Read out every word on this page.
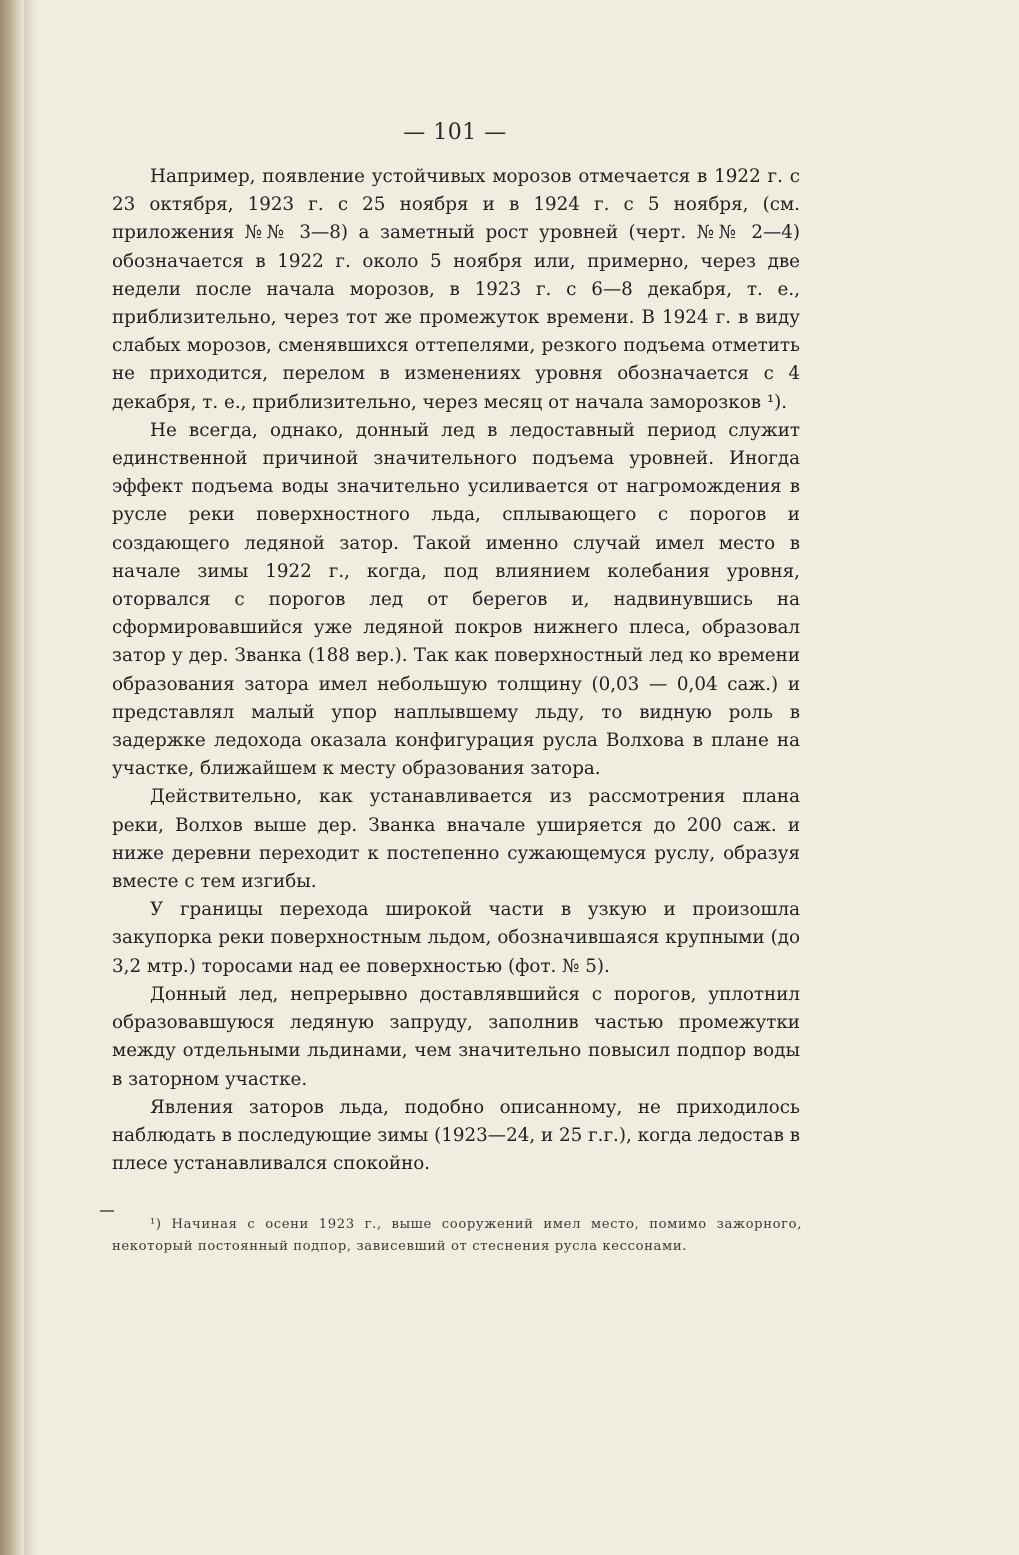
— 101 —

Например, появление устойчивых морозов отмечается в 1922 г. с 23 октября, 1923 г. с 25 ноября и в 1924 г. с 5 ноября, (см. приложения №№ 3—8) а заметный рост уровней (черт. №№ 2—4) обозначается в 1922 г. около 5 ноября или, примерно, через две недели после начала морозов, в 1923 г. с 6—8 декабря, т. е., приблизительно, через тот же промежуток времени. В 1924 г. в виду слабых морозов, сменявшихся оттепелями, резкого подъема отметить не приходится, перелом в изменениях уровня обозначается с 4 декабря, т. е., приблизительно, через месяц от начала заморозков ¹).

Не всегда, однако, донный лед в ледоставный период служит единственной причиной значительного подъема уровней. Иногда эффект подъема воды значительно усиливается от нагромождения в русле реки поверхностного льда, сплывающего с порогов и создающего ледяной затор. Такой именно случай имел место в начале зимы 1922 г., когда, под влиянием колебания уровня, оторвался с порогов лед от берегов и, надвинувшись на сформировавшийся уже ледяной покров нижнего плеса, образовал затор у дер. Званка (188 вер.). Так как поверхностный лед ко времени образования затора имел небольшую толщину (0,03 — 0,04 саж.) и представлял малый упор наплывшему льду, то видную роль в задержке ледохода оказала конфигурация русла Волхова в плане на участке, ближайшем к месту образования затора.

Действительно, как устанавливается из рассмотрения плана реки, Волхов выше дер. Званка вначале уширяется до 200 саж. и ниже деревни переходит к постепенно сужающемуся руслу, образуя вместе с тем изгибы.

У границы перехода широкой части в узкую и произошла закупорка реки поверхностным льдом, обозначившаяся крупными (до 3,2 мтр.) торосами над ее поверхностью (фот. № 5).

Донный лед, непрерывно доставлявшийся с порогов, уплотнил образовавшуюся ледяную запруду, заполнив частью промежутки между отдельными льдинами, чем значительно повысил подпор воды в заторном участке.

Явления заторов льда, подобно описанному, не приходилось наблюдать в последующие зимы (1923—24, и 25 г.г.), когда ледостав в плесе устанавливался спокойно.

¹) Начиная с осени 1923 г., выше сооружений имел место, помимо зажорного, некоторый постоянный подпор, зависевший от стеснения русла кессонами.
